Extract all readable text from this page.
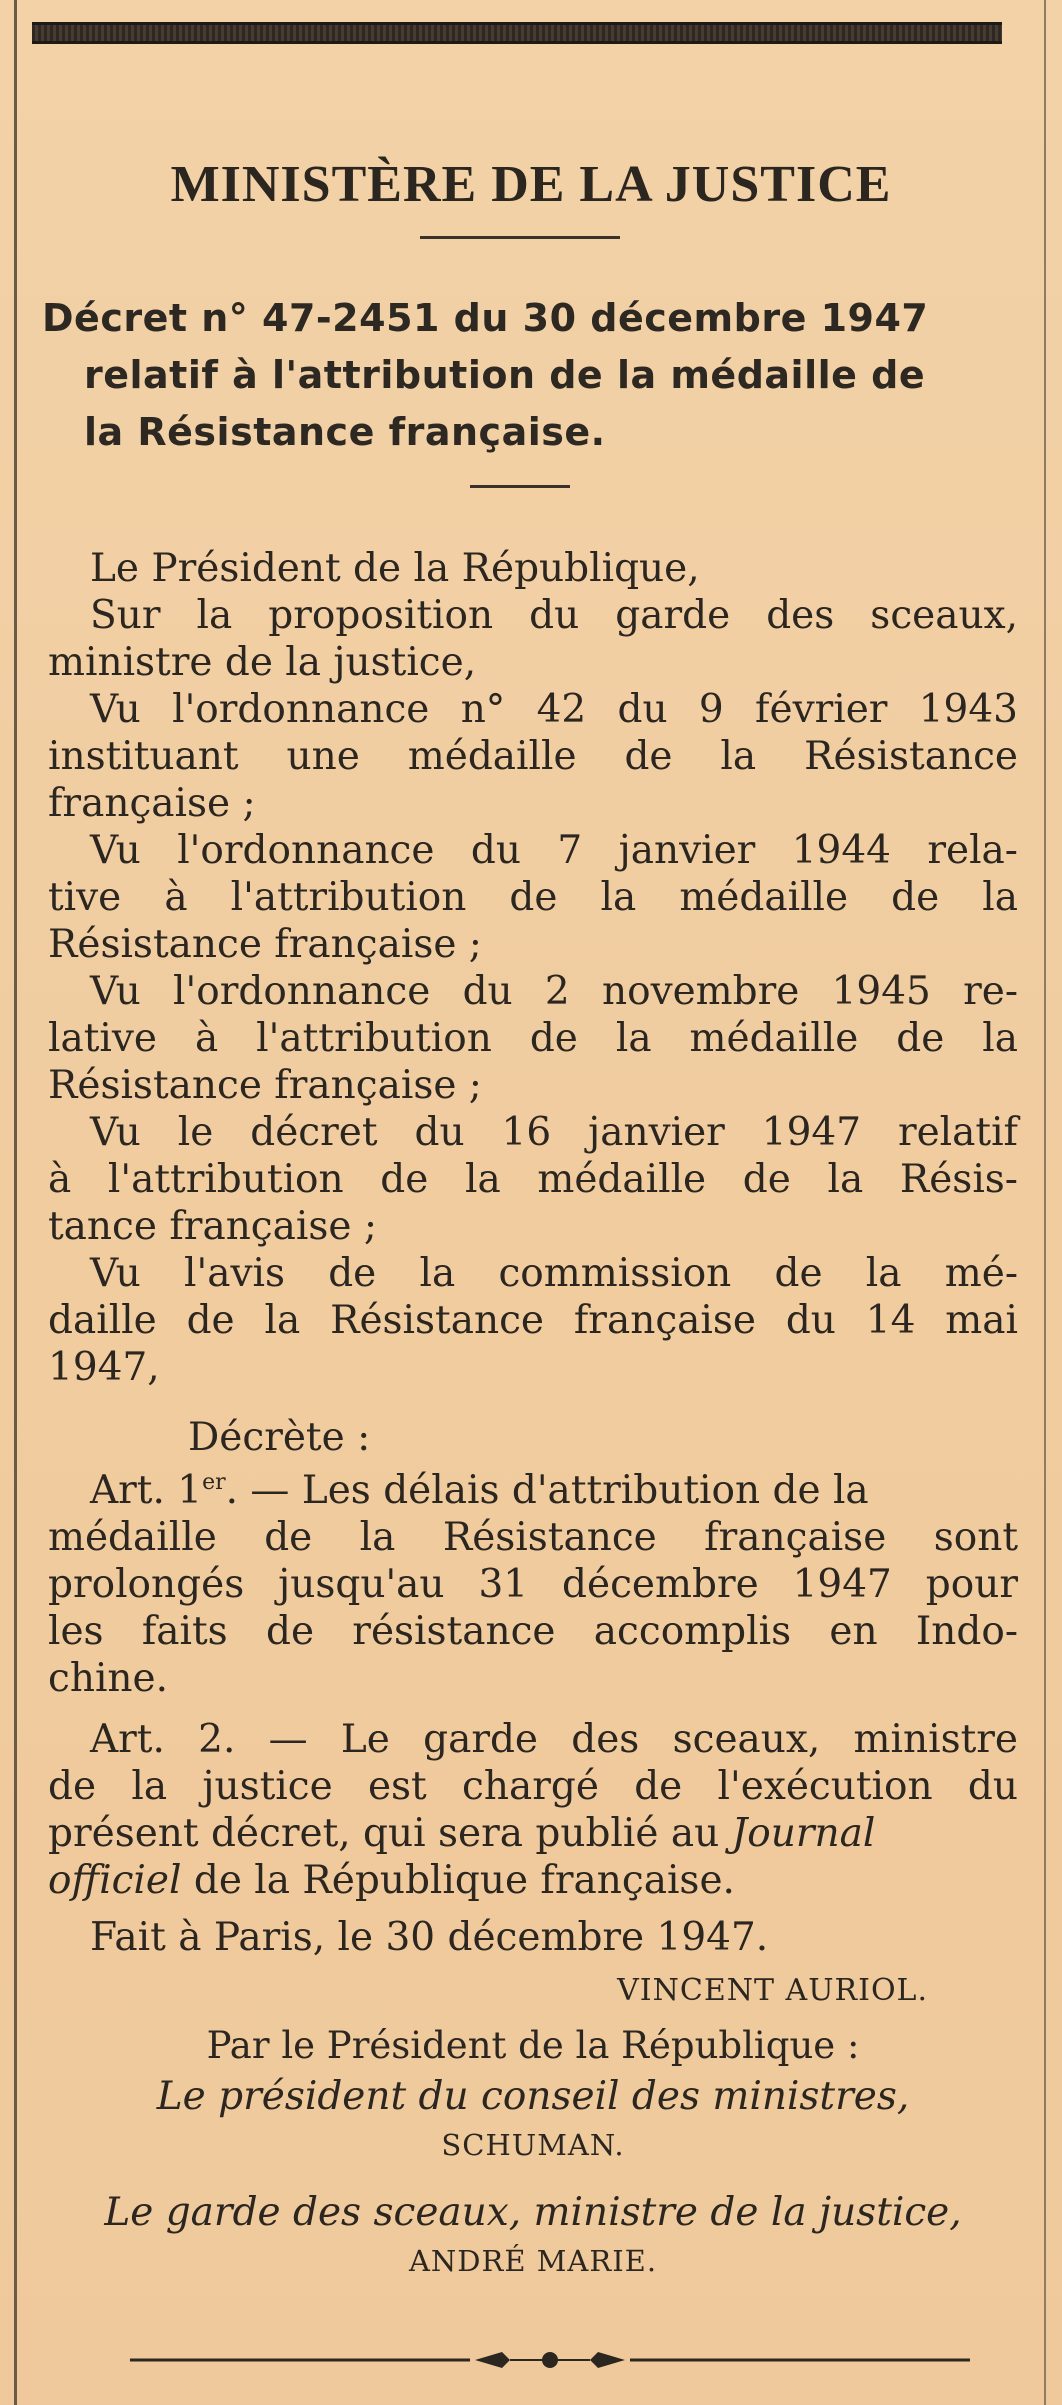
MINISTÈRE DE LA JUSTICE
Décret n° 47-2451 du 30 décembre 1947
relatif à l'attribution de la médaille de
la Résistance française.
Le Président de la République,
Sur la proposition du garde des sceaux,
ministre de la justice,
Vu l'ordonnance n° 42 du 9 février 1943
instituant une médaille de la Résistance
française ;
Vu l'ordonnance du 7 janvier 1944 rela-
tive à l'attribution de la médaille de la
Résistance française ;
Vu l'ordonnance du 2 novembre 1945 re-
lative à l'attribution de la médaille de la
Résistance française ;
Vu le décret du 16 janvier 1947 relatif
à l'attribution de la médaille de la Résis-
tance française ;
Vu l'avis de la commission de la mé-
daille de la Résistance française du 14 mai
1947,
Décrète :
Art. 1er. — Les délais d'attribution de la
médaille de la Résistance française sont
prolongés jusqu'au 31 décembre 1947 pour
les faits de résistance accomplis en Indo-
chine.
Art. 2. — Le garde des sceaux, ministre
de la justice est chargé de l'exécution du
présent décret, qui sera publié au Journal
officiel de la République française.
Fait à Paris, le 30 décembre 1947.
VINCENT AURIOL.
Par le Président de la République :
Le président du conseil des ministres,
SCHUMAN.
Le garde des sceaux, ministre de la justice,
ANDRÉ MARIE.
